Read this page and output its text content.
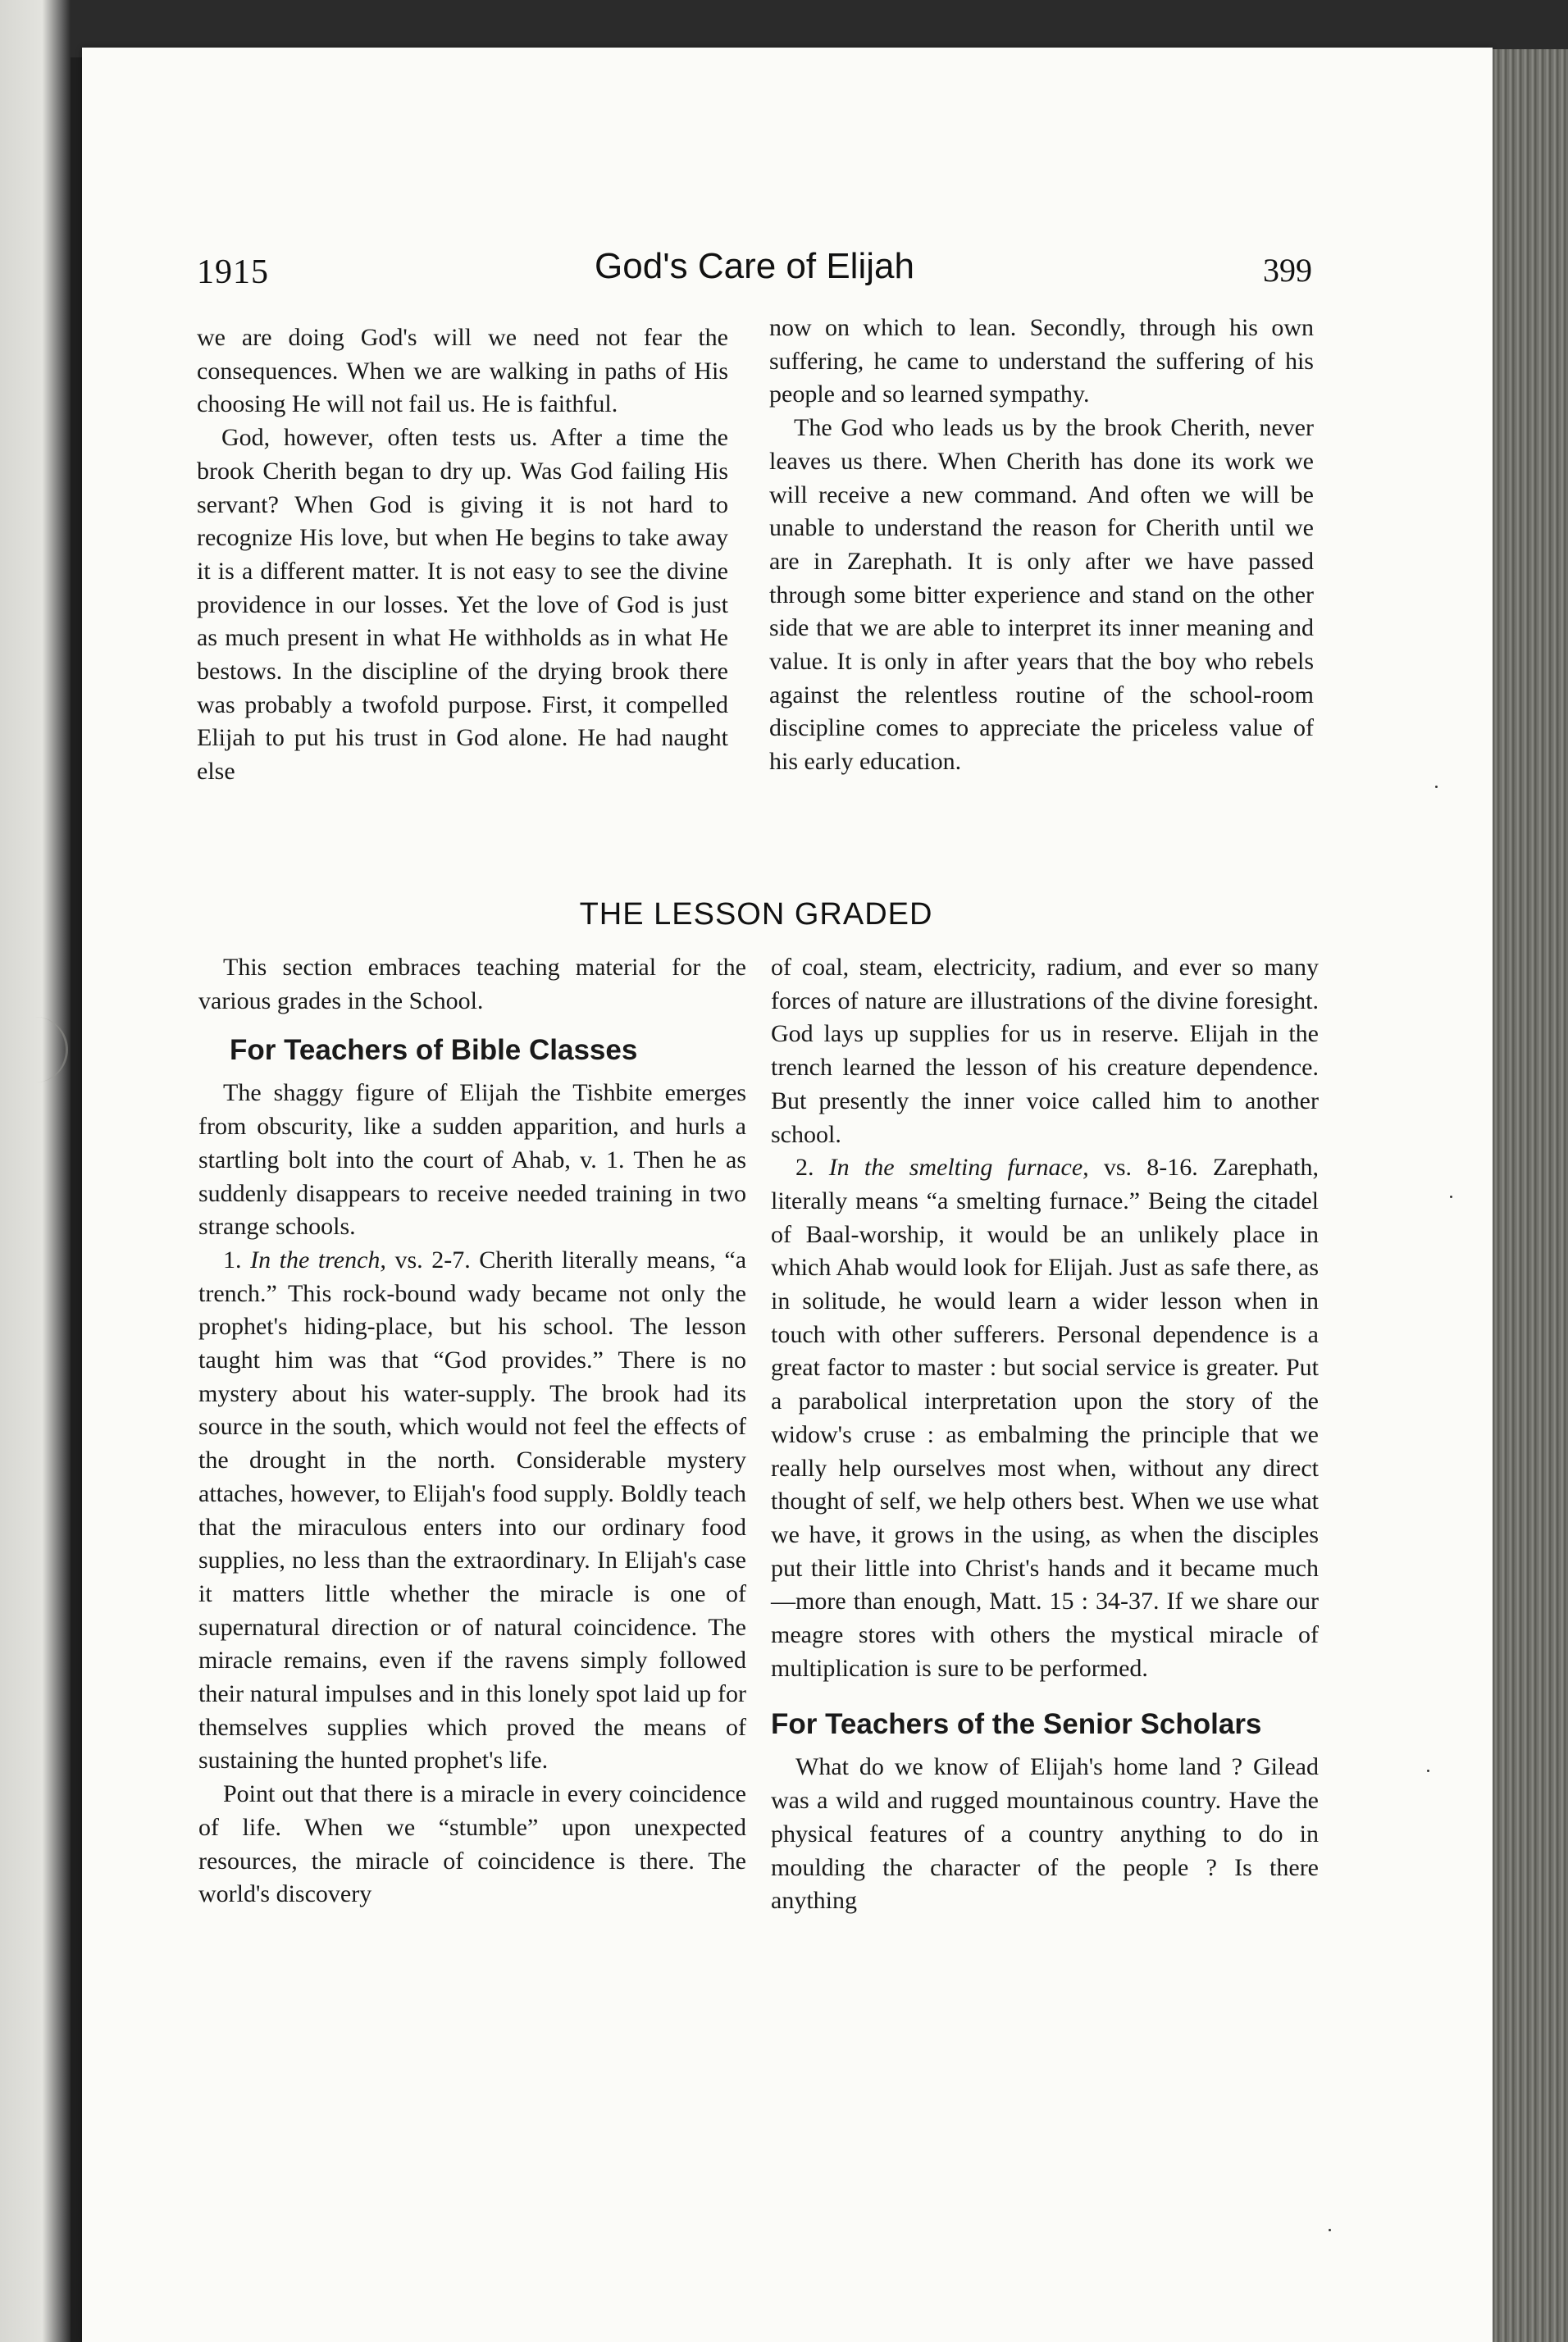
1915	God's Care of Elijah	399

we are doing God's will we need not fear the consequences. When we are walking in paths of His choosing He will not fail us. He is faithful.

God, however, often tests us. After a time the brook Cherith began to dry up. Was God failing His servant? When God is giving it is not hard to recognize His love, but when He begins to take away it is a different matter. It is not easy to see the divine providence in our losses. Yet the love of God is just as much present in what He withholds as in what He bestows. In the discipline of the drying brook there was probably a twofold purpose. First, it compelled Elijah to put his trust in God alone. He had naught else

now on which to lean. Secondly, through his own suffering, he came to understand the suffering of his people and so learned sympathy.

The God who leads us by the brook Cherith, never leaves us there. When Cherith has done its work we will receive a new command. And often we will be unable to understand the reason for Cherith until we are in Zarephath. It is only after we have passed through some bitter experience and stand on the other side that we are able to interpret its inner meaning and value. It is only in after years that the boy who rebels against the relentless routine of the school-room discipline comes to appreciate the priceless value of his early education.

THE LESSON GRADED

This section embraces teaching material for the various grades in the School.

For Teachers of Bible Classes

The shaggy figure of Elijah the Tishbite emerges from obscurity, like a sudden apparition, and hurls a startling bolt into the court of Ahab, v. 1. Then he as suddenly disappears to receive needed training in two strange schools.

1. In the trench, vs. 2-7. Cherith literally means, “a trench.” This rock-bound wady became not only the prophet's hiding-place, but his school. The lesson taught him was that “God provides.” There is no mystery about his water-supply. The brook had its source in the south, which would not feel the effects of the drought in the north. Considerable mystery attaches, however, to Elijah's food supply. Boldly teach that the miraculous enters into our ordinary food supplies, no less than the extraordinary. In Elijah's case it matters little whether the miracle is one of supernatural direction or of natural coincidence. The miracle remains, even if the ravens simply followed their natural impulses and in this lonely spot laid up for themselves supplies which proved the means of sustaining the hunted prophet's life.

Point out that there is a miracle in every coincidence of life. When we “stumble” upon unexpected resources, the miracle of coincidence is there. The world's discovery

of coal, steam, electricity, radium, and ever so many forces of nature are illustrations of the divine foresight. God lays up supplies for us in reserve. Elijah in the trench learned the lesson of his creature dependence. But presently the inner voice called him to another school.

2. In the smelting furnace, vs. 8-16. Zarephath, literally means “a smelting furnace.” Being the citadel of Baal-worship, it would be an unlikely place in which Ahab would look for Elijah. Just as safe there, as in solitude, he would learn a wider lesson when in touch with other sufferers. Personal dependence is a great factor to master : but social service is greater. Put a parabolical interpretation upon the story of the widow's cruse : as embalming the principle that we really help ourselves most when, without any direct thought of self, we help others best. When we use what we have, it grows in the using, as when the disciples put their little into Christ's hands and it became much—more than enough, Matt. 15 : 34-37. If we share our meagre stores with others the mystical miracle of multiplication is sure to be performed.

For Teachers of the Senior Scholars

What do we know of Elijah's home land ? Gilead was a wild and rugged mountainous country. Have the physical features of a country anything to do in moulding the character of the people ? Is there anything
